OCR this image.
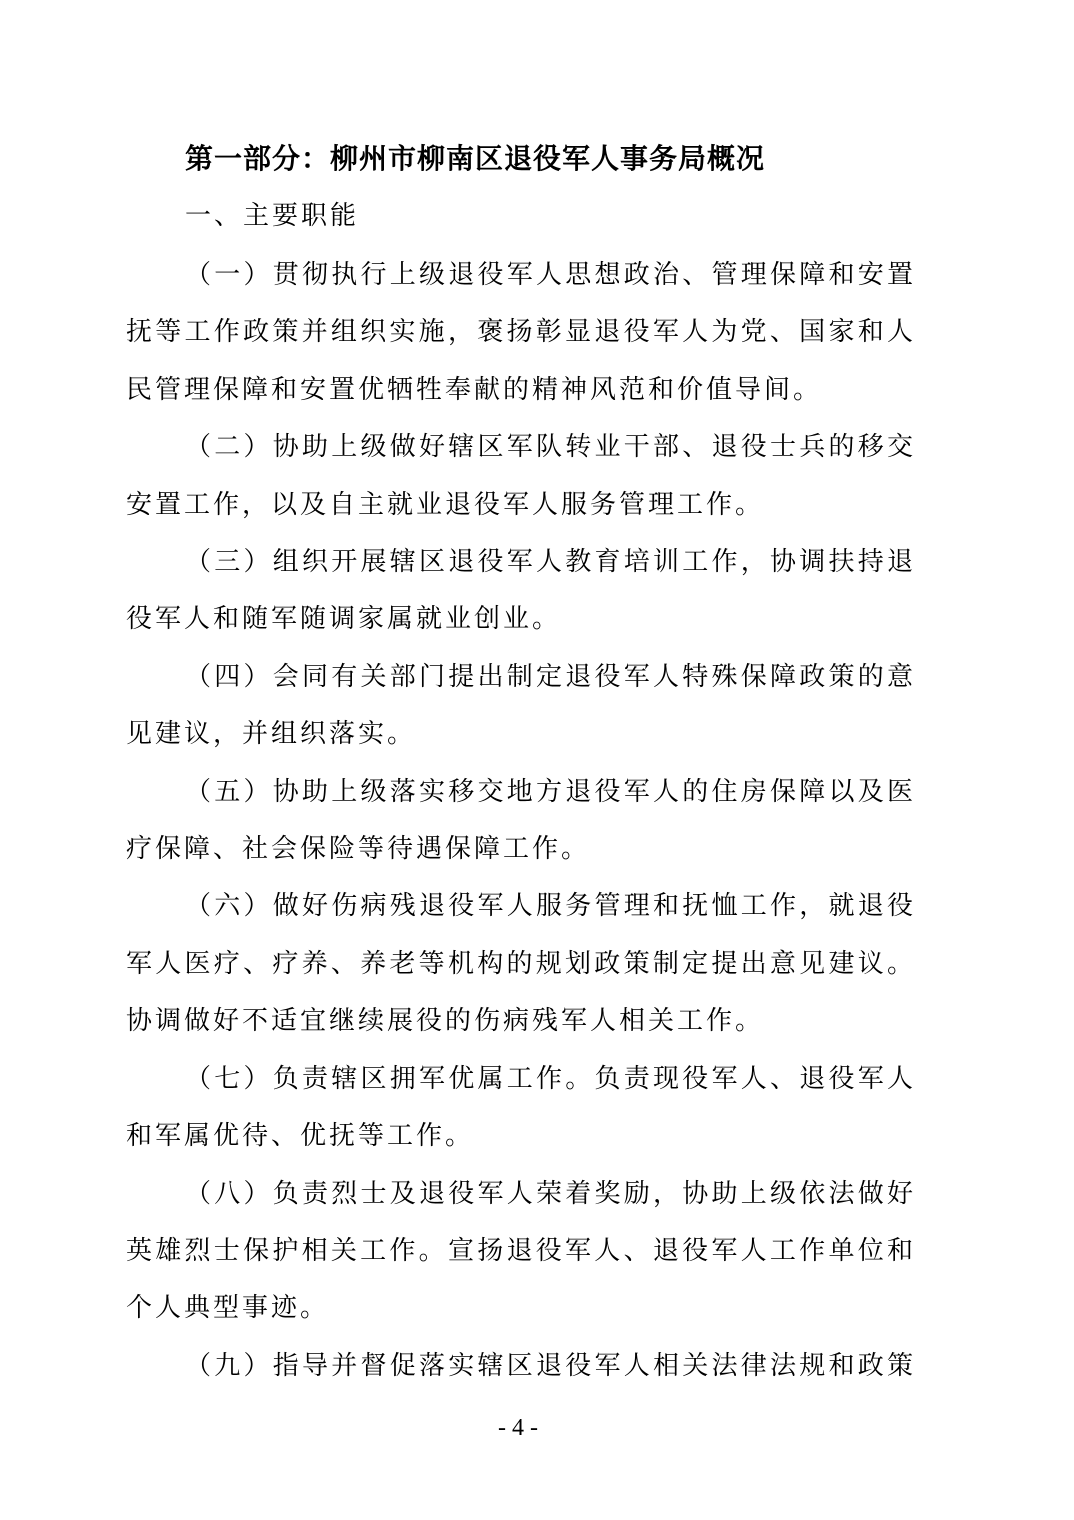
第一部分：柳州市柳南区退役军人事务局概况
一、主要职能

（一）贯彻执行上级退役军人思想政治、管理保障和安置抚等工作政策并组织实施，褒扬彰显退役军人为党、国家和人民管理保障和安置优牺牲奉献的精神风范和价值导间。

（二）协助上级做好辖区军队转业干部、退役士兵的移交安置工作，以及自主就业退役军人服务管理工作。

（三）组织开展辖区退役军人教育培训工作，协调扶持退役军人和随军随调家属就业创业。

（四）会同有关部门提出制定退役军人特殊保障政策的意见建议，并组织落实。

（五）协助上级落实移交地方退役军人的住房保障以及医疗保障、社会保险等待遇保障工作。

（六）做好伤病残退役军人服务管理和抚恤工作，就退役军人医疗、疗养、养老等机构的规划政策制定提出意见建议。协调做好不适宜继续展役的伤病残军人相关工作。

（七）负责辖区拥军优属工作。负责现役军人、退役军人和军属优待、优抚等工作。

（八）负责烈士及退役军人荣着奖励，协助上级依法做好英雄烈士保护相关工作。宣扬退役军人、退役军人工作单位和个人典型事迹。

（九）指导并督促落实辖区退役军人相关法律法规和政策

- 4 -
